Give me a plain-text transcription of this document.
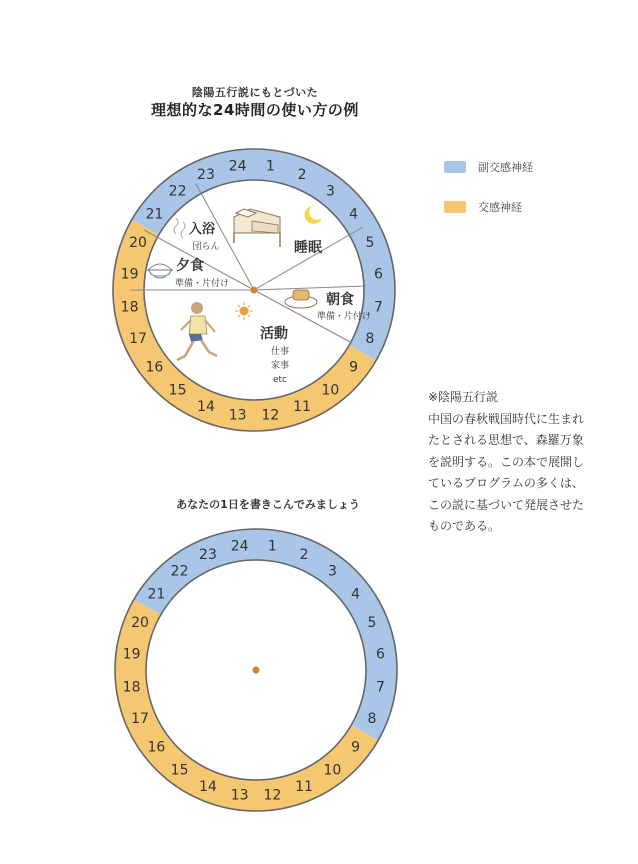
陰陽五行説にもとづいた
理想的な24時間の使い方の例
副交感神経
交感神経
※陰陽五行説
中国の春秋戦国時代に生まれたとされる思想で、森羅万象を説明する。この本で展開しているプログラムの多くは、この説に基づいて発展させたものである。
あなたの1日を書きこんでみましょう
1
2
3
4
5
6
7
8
9
10
11
12
13
14
15
16
17
18
19
20
21
22
23
24
睡眠
朝食
準備・片付け
活動
仕事
家事
etc
夕食
準備・片付け
入浴
団らん
1
2
3
4
5
6
7
8
9
10
11
12
13
14
15
16
17
18
19
20
21
22
23
24
